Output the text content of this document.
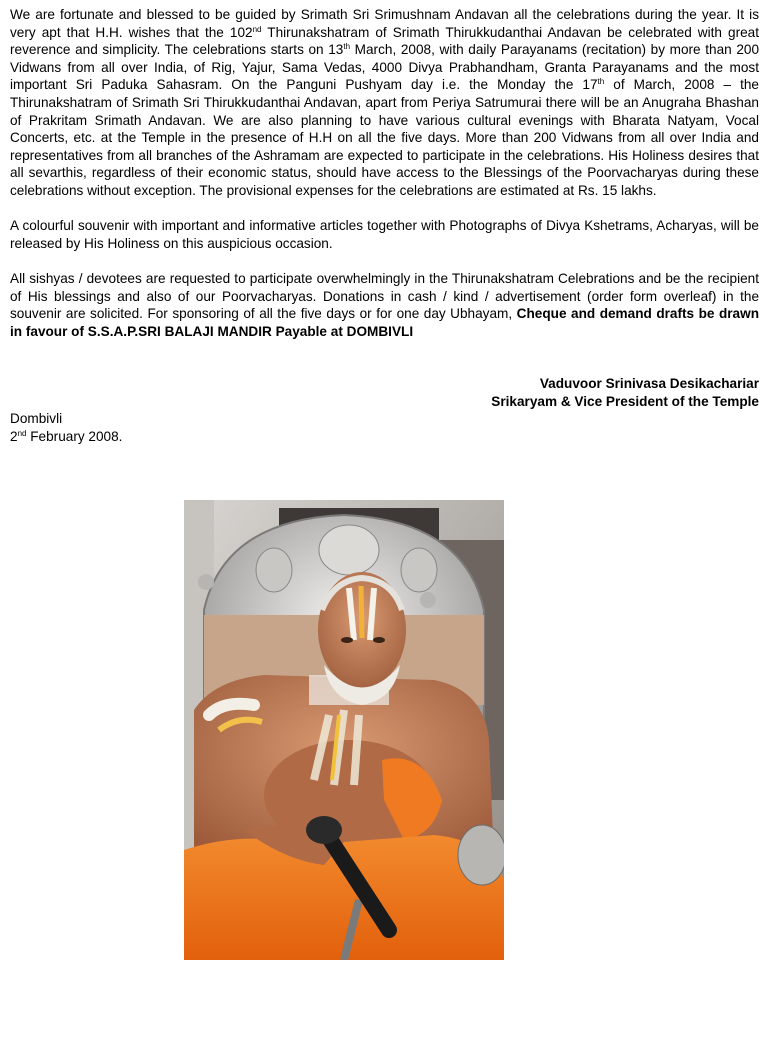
We are fortunate and blessed to be guided by Srimath Sri Srimushnam Andavan all the celebrations during the year. It is very apt that H.H. wishes that the 102nd Thirunakshatram of Srimath Thirukkudanthai Andavan be celebrated with great reverence and simplicity. The celebrations starts on 13th March, 2008, with daily Parayanams (recitation) by more than 200 Vidwans from all over India, of Rig, Yajur, Sama Vedas, 4000 Divya Prabhandham, Granta Parayanams and the most important Sri Paduka Sahasram. On the Panguni Pushyam day i.e. the Monday the 17th of March, 2008 – the Thirunakshatram of Srimath Sri Thirukkudanthai Andavan, apart from Periya Satrumurai there will be an Anugraha Bhashan of Prakritam Srimath Andavan. We are also planning to have various cultural evenings with Bharata Natyam, Vocal Concerts, etc. at the Temple in the presence of H.H on all the five days. More than 200 Vidwans from all over India and representatives from all branches of the Ashramam are expected to participate in the celebrations. His Holiness desires that all sevarthis, regardless of their economic status, should have access to the Blessings of the Poorvacharyas during these celebrations without exception. The provisional expenses for the celebrations are estimated at Rs. 15 lakhs.

A colourful souvenir with important and informative articles together with Photographs of Divya Kshetrams, Acharyas, will be released by His Holiness on this auspicious occasion.

All sishyas / devotees are requested to participate overwhelmingly in the Thirunakshatram Celebrations and be the recipient of His blessings and also of our Poorvacharyas. Donations in cash / kind / advertisement (order form overleaf) in the souvenir are solicited. For sponsoring of all the five days or for one day Ubhayam, Cheque and demand drafts be drawn in favour of S.S.A.P.SRI BALAJI MANDIR Payable at DOMBIVLI

Vaduvoor Srinivasa Desikachariar

Srikaryam & Vice President of the Temple

Dombivli

2nd February 2008.
